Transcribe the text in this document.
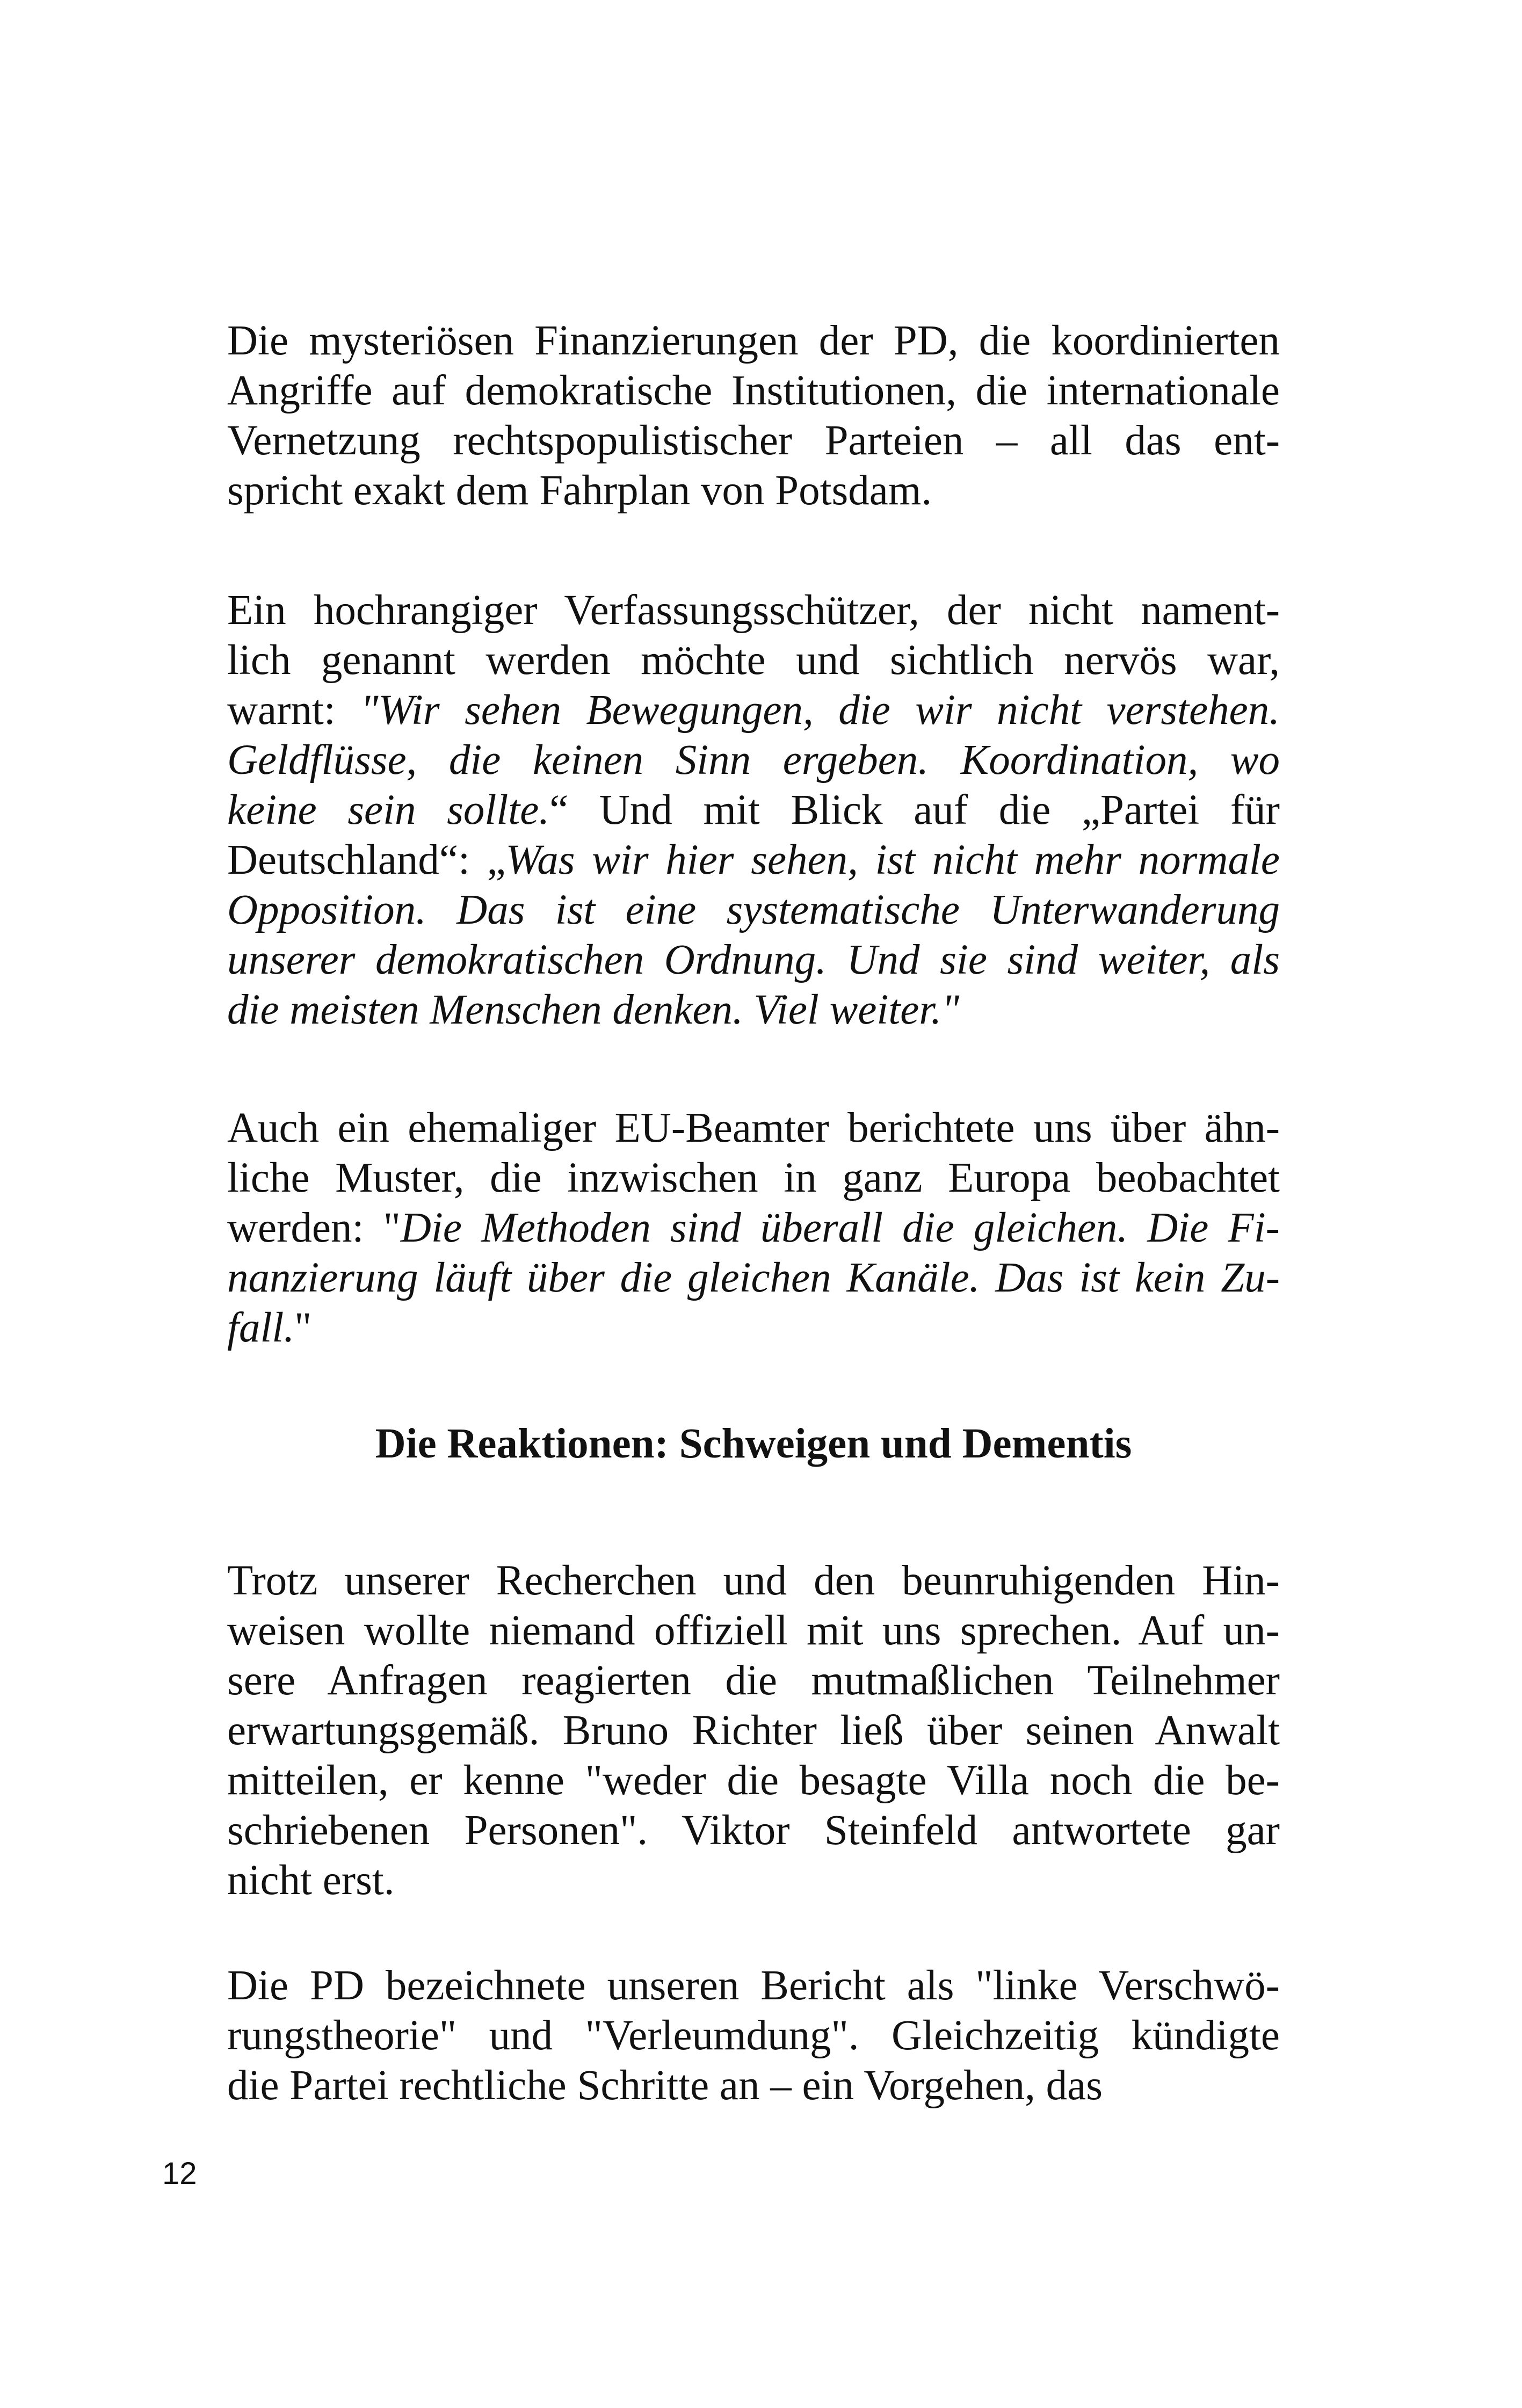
Die mysteriösen Finanzierungen der PD, die koordinierten
Angriffe auf demokratische Institutionen, die internationale
Vernetzung rechtspopulistischer Parteien – all das ent-
spricht exakt dem Fahrplan von Potsdam.
Ein hochrangiger Verfassungsschützer, der nicht nament-
lich genannt werden möchte und sichtlich nervös war,
warnt: "Wir sehen Bewegungen, die wir nicht verstehen.
Geldflüsse, die keinen Sinn ergeben. Koordination, wo
keine sein sollte.“ Und mit Blick auf die „Partei für
Deutschland“: „Was wir hier sehen, ist nicht mehr normale
Opposition. Das ist eine systematische Unterwanderung
unserer demokratischen Ordnung. Und sie sind weiter, als
die meisten Menschen denken. Viel weiter."
Auch ein ehemaliger EU-Beamter berichtete uns über ähn-
liche Muster, die inzwischen in ganz Europa beobachtet
werden: "Die Methoden sind überall die gleichen. Die Fi-
nanzierung läuft über die gleichen Kanäle. Das ist kein Zu-
fall."
Die Reaktionen: Schweigen und Dementis
Trotz unserer Recherchen und den beunruhigenden Hin-
weisen wollte niemand offiziell mit uns sprechen. Auf un-
sere Anfragen reagierten die mutmaßlichen Teilnehmer
erwartungsgemäß. Bruno Richter ließ über seinen Anwalt
mitteilen, er kenne "weder die besagte Villa noch die be-
schriebenen Personen". Viktor Steinfeld antwortete gar
nicht erst.
Die PD bezeichnete unseren Bericht als "linke Verschwö-
rungstheorie" und "Verleumdung". Gleichzeitig kündigte
die Partei rechtliche Schritte an – ein Vorgehen, das
12
